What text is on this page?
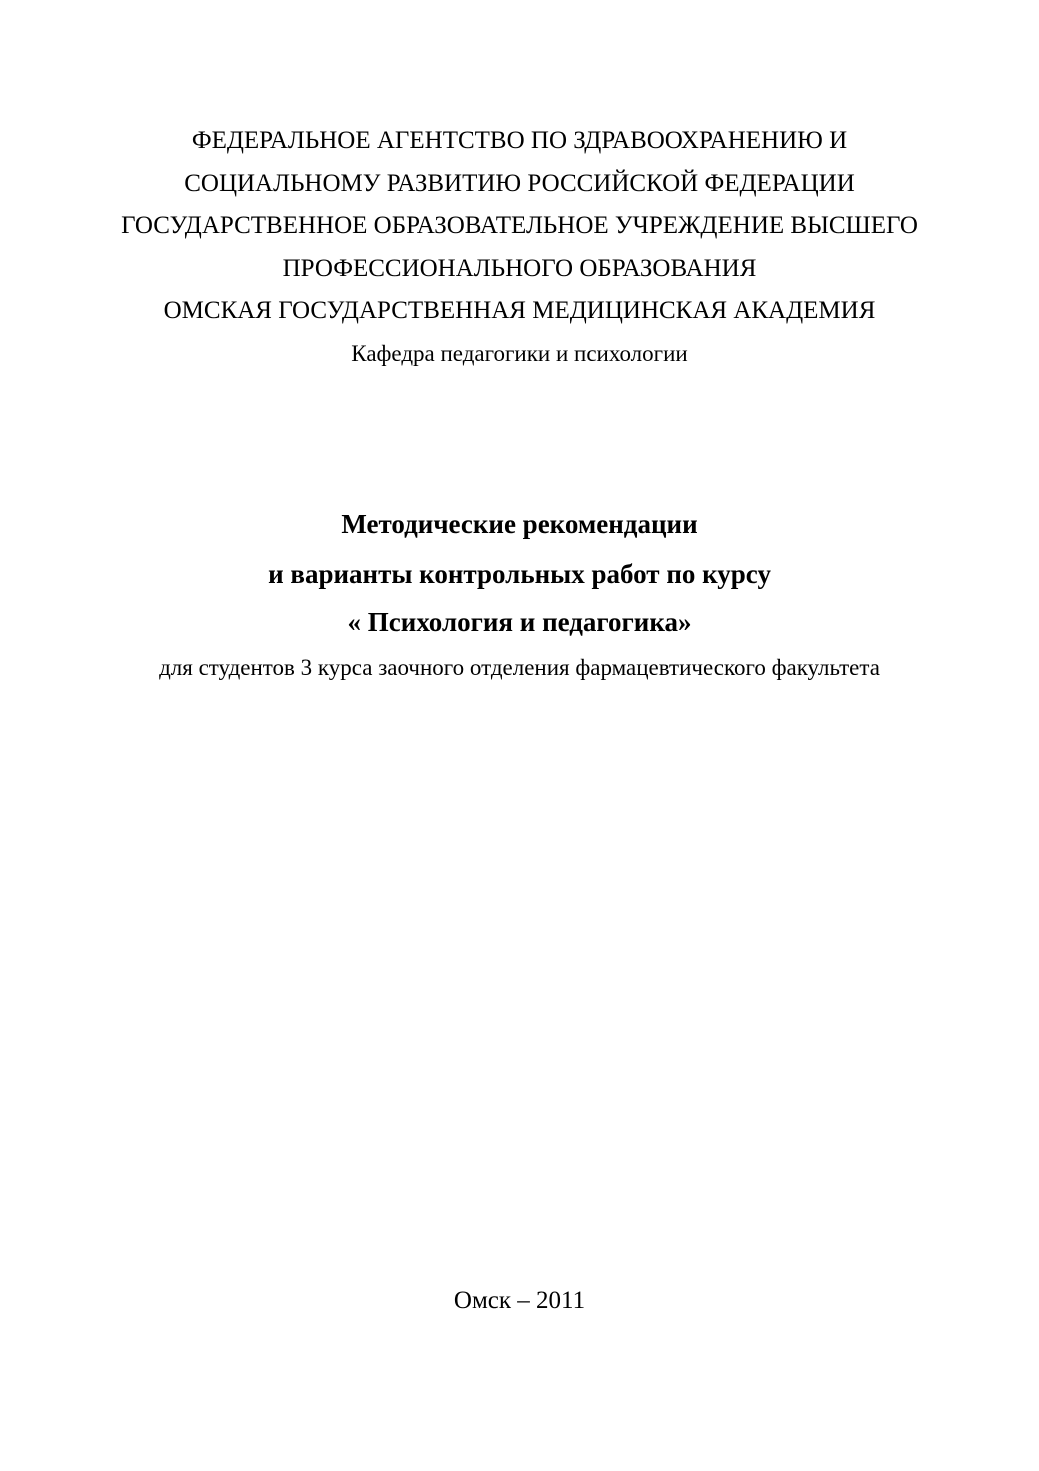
ФЕДЕРАЛЬНОЕ АГЕНТСТВО ПО ЗДРАВООХРАНЕНИЮ И
СОЦИАЛЬНОМУ РАЗВИТИЮ РОССИЙСКОЙ ФЕДЕРАЦИИ
ГОСУДАРСТВЕННОЕ ОБРАЗОВАТЕЛЬНОЕ УЧРЕЖДЕНИЕ ВЫСШЕГО
ПРОФЕССИОНАЛЬНОГО ОБРАЗОВАНИЯ
ОМСКАЯ ГОСУДАРСТВЕННАЯ МЕДИЦИНСКАЯ АКАДЕМИЯ
Кафедра педагогики и психологии
Методические рекомендации
и варианты контрольных работ по курсу
« Психология и педагогика»
для студентов 3 курса заочного отделения фармацевтического факультета
Омск – 2011
